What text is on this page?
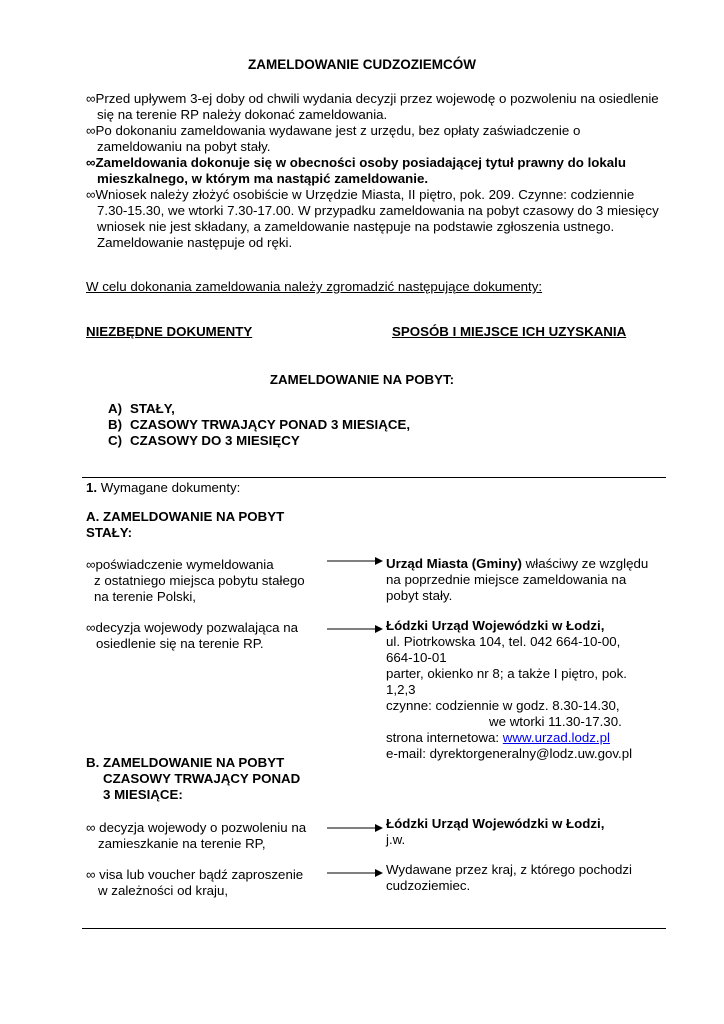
ZAMELDOWANIE CUDZOZIEMCÓW
∞Przed upływem 3-ej doby od chwili wydania decyzji przez wojewodę o pozwoleniu na osiedlenie
się na terenie RP należy dokonać zameldowania.
∞Po dokonaniu zameldowania wydawane jest z urzędu, bez opłaty zaświadczenie o
zameldowaniu na pobyt stały.
∞Zameldowania dokonuje się w obecności osoby posiadającej tytuł prawny do lokalu
mieszkalnego, w którym ma nastąpić zameldowanie.
∞Wniosek należy złożyć osobiście w Urzędzie Miasta, II piętro, pok. 209. Czynne: codziennie
7.30-15.30, we wtorki 7.30-17.00. W przypadku zameldowania na pobyt czasowy do 3 miesięcy
wniosek nie jest składany, a zameldowanie następuje na podstawie zgłoszenia ustnego.
Zameldowanie następuje od ręki.
W celu dokonania zameldowania należy zgromadzić następujące dokumenty:
NIEZBĘDNE DOKUMENTY	SPOSÓB I MIEJSCE ICH UZYSKANIA
ZAMELDOWANIE NA POBYT:
A) STAŁY,
B) CZASOWY TRWAJĄCY PONAD 3 MIESIĄCE,
C) CZASOWY DO 3 MIESIĘCY
1. Wymagane dokumenty:
A. ZAMELDOWANIE NA POBYT
STAŁY:
∞poświadczenie wymeldowania
z ostatniego miejsca pobytu stałego
na terenie Polski,
Urząd Miasta (Gminy) właściwy ze względu
na poprzednie miejsce zameldowania na
pobyt stały.
∞decyzja wojewody pozwalająca na
osiedlenie się na terenie RP.
Łódzki Urząd Wojewódzki w Łodzi,
ul. Piotrkowska 104, tel. 042 664-10-00,
664-10-01
parter, okienko nr 8; a także I piętro, pok.
1,2,3
czynne: codziennie w godz. 8.30-14.30,
we wtorki 11.30-17.30.
strona internetowa: www.urzad.lodz.pl
e-mail: dyrektorgeneralny@lodz.uw.gov.pl
B. ZAMELDOWANIE NA POBYT
CZASOWY TRWAJĄCY PONAD
3 MIESIĄCE:
∞ decyzja wojewody o pozwoleniu na
zamieszkanie na terenie RP,
Łódzki Urząd Wojewódzki w Łodzi,
j.w.
∞ visa lub voucher bądź zaproszenie
w zależności od kraju,
Wydawane przez kraj, z którego pochodzi
cudzoziemiec.
